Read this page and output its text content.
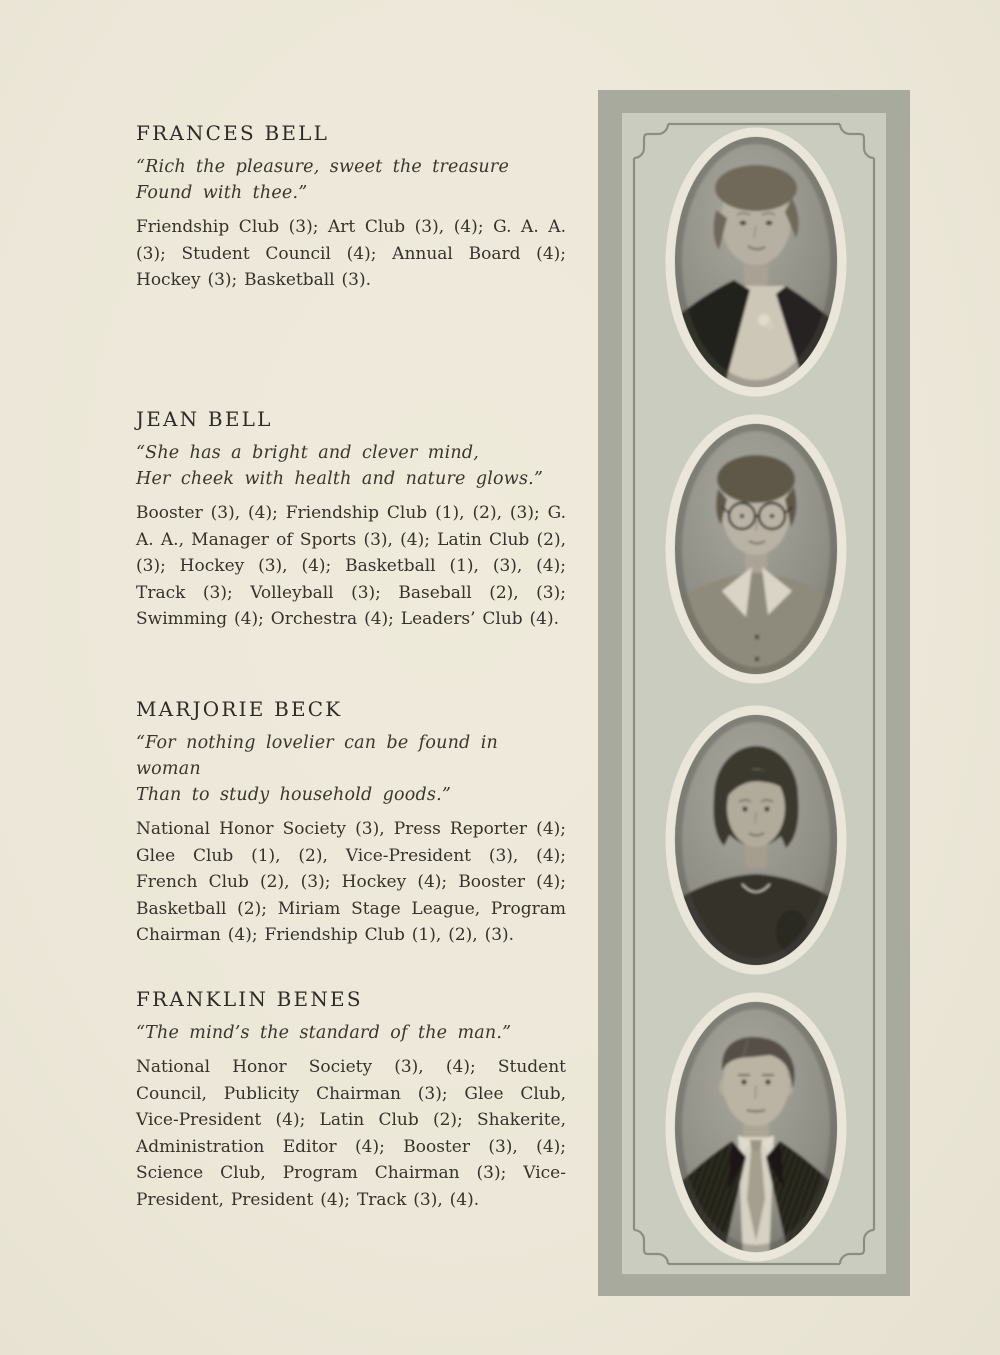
FRANCES BELL
“Rich the pleasure, sweet the treasure
Found with thee.”

Friendship Club (3); Art Club (3), (4); G. A. A. (3); Student Council (4); Annual Board (4); Hockey (3); Basketball (3).

JEAN BELL
“She has a bright and clever mind,
Her cheek with health and nature glows.”

Booster (3), (4); Friendship Club (1), (2), (3); G. A. A., Manager of Sports (3), (4); Latin Club (2), (3); Hockey (3), (4); Basketball (1), (3), (4); Track (3); Volleyball (3); Baseball (2), (3); Swimming (4); Orchestra (4); Leaders’ Club (4).

MARJORIE BECK
“For nothing lovelier can be found in woman
Than to study household goods.”

National Honor Society (3), Press Reporter (4); Glee Club (1), (2), Vice-President (3), (4); French Club (2), (3); Hockey (4); Booster (4); Basketball (2); Miriam Stage League, Program Chairman (4); Friendship Club (1), (2), (3).

FRANKLIN BENES
“The mind’s the standard of the man.”

National Honor Society (3), (4); Student Council, Publicity Chairman (3); Glee Club, Vice-President (4); Latin Club (2); Shakerite, Administration Editor (4); Booster (3), (4); Science Club, Program Chairman (3); Vice-President, President (4); Track (3), (4).
